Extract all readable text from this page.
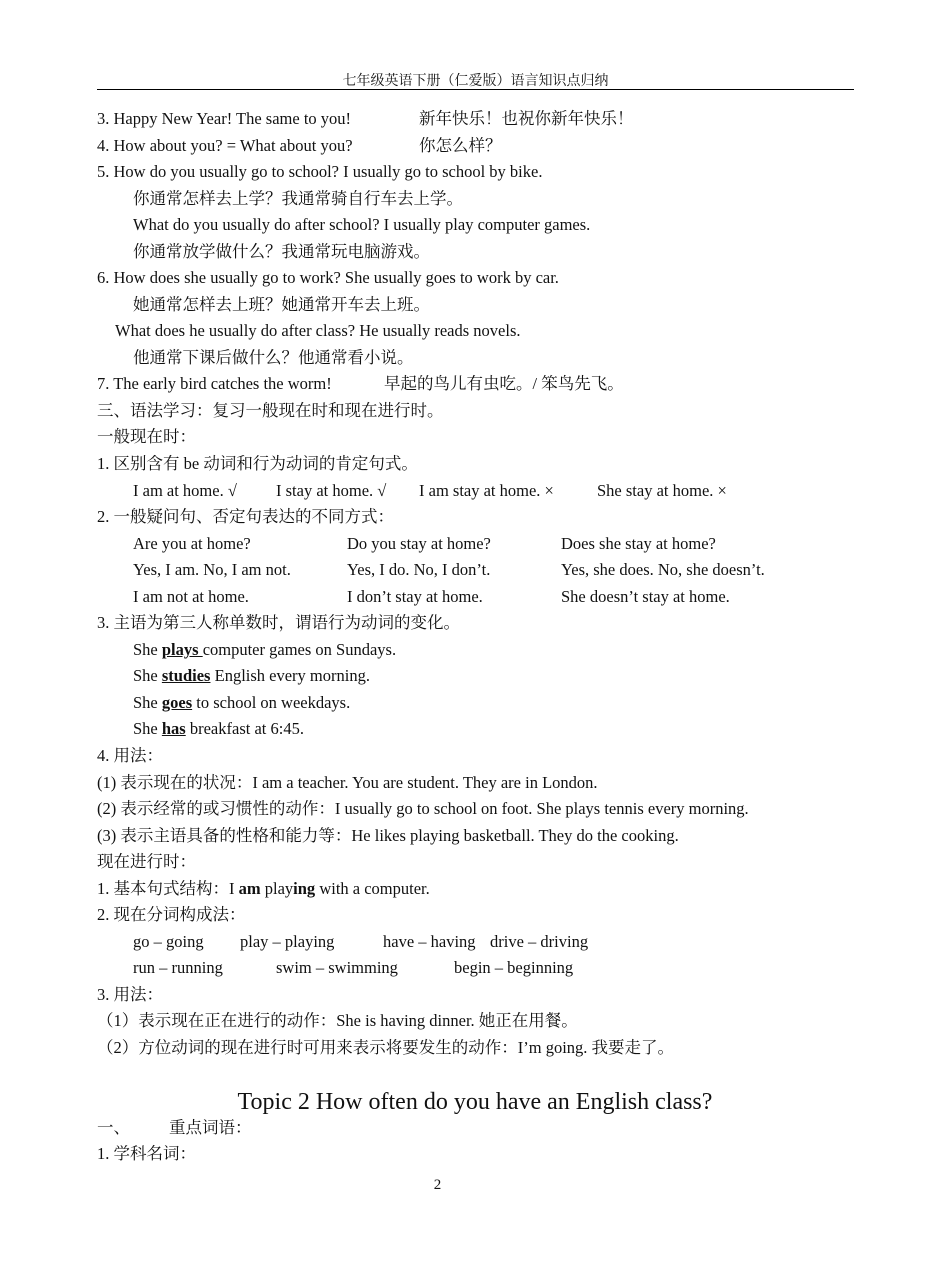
七年级英语下册（仁爱版）语言知识点归纳
3. Happy New Year! The same to you!	新年快乐！也祝你新年快乐！
4. How about you? = What about you?	你怎么样？
5. How do you usually go to school? I usually go to school by bike.
你通常怎样去上学？我通常骑自行车去上学。
What do you usually do after school? I usually play computer games.
你通常放学做什么？我通常玩电脑游戏。
6. How does she usually go to work? She usually goes to work by car.
她通常怎样去上班？她通常开车去上班。
What does he usually do after class? He usually reads novels.
他通常下课后做什么？他通常看小说。
7. The early bird catches the worm!	早起的鸟儿有虫吃。/ 笨鸟先飞。
三、语法学习：复习一般现在时和现在进行时。
一般现在时：
1. 区别含有 be 动词和行为动词的肯定句式。
I am at home. √ I stay at home. √ I am stay at home. ×	She stay at home. ×
2. 一般疑问句、否定句表达的不同方式：
Are you at home?	Do you stay at home?	Does she stay at home?
Yes, I am. No, I am not.	Yes, I do. No, I don’t.	Yes, she does. No, she doesn’t.
I am not at home.	I don’t stay at home.	She doesn’t stay at home.
3. 主语为第三人称单数时，谓语行为动词的变化。
She plays computer games on Sundays.
She studies English every morning.
She goes to school on weekdays.
She has breakfast at 6:45.
4. 用法：
(1) 表示现在的状况：I am a teacher. You are student. They are in London.
(2) 表示经常的或习惯性的动作：I usually go to school on foot. She plays tennis every morning.
(3) 表示主语具备的性格和能力等：He likes playing basketball. They do the cooking.
现在进行时：
1. 基本句式结构：I am playing with a computer.
2. 现在分词构成法：
go – going play – playing	have – having drive – driving
run – running	swim – swimming	begin – beginning
3. 用法：
（1）表示现在正在进行的动作：She is having dinner. 她正在用餐。
（2）方位动词的现在进行时可用来表示将要发生的动作：I’m going. 我要走了。
Topic 2 How often do you have an English class?
一、 重点词语：
1. 学科名词：
2
